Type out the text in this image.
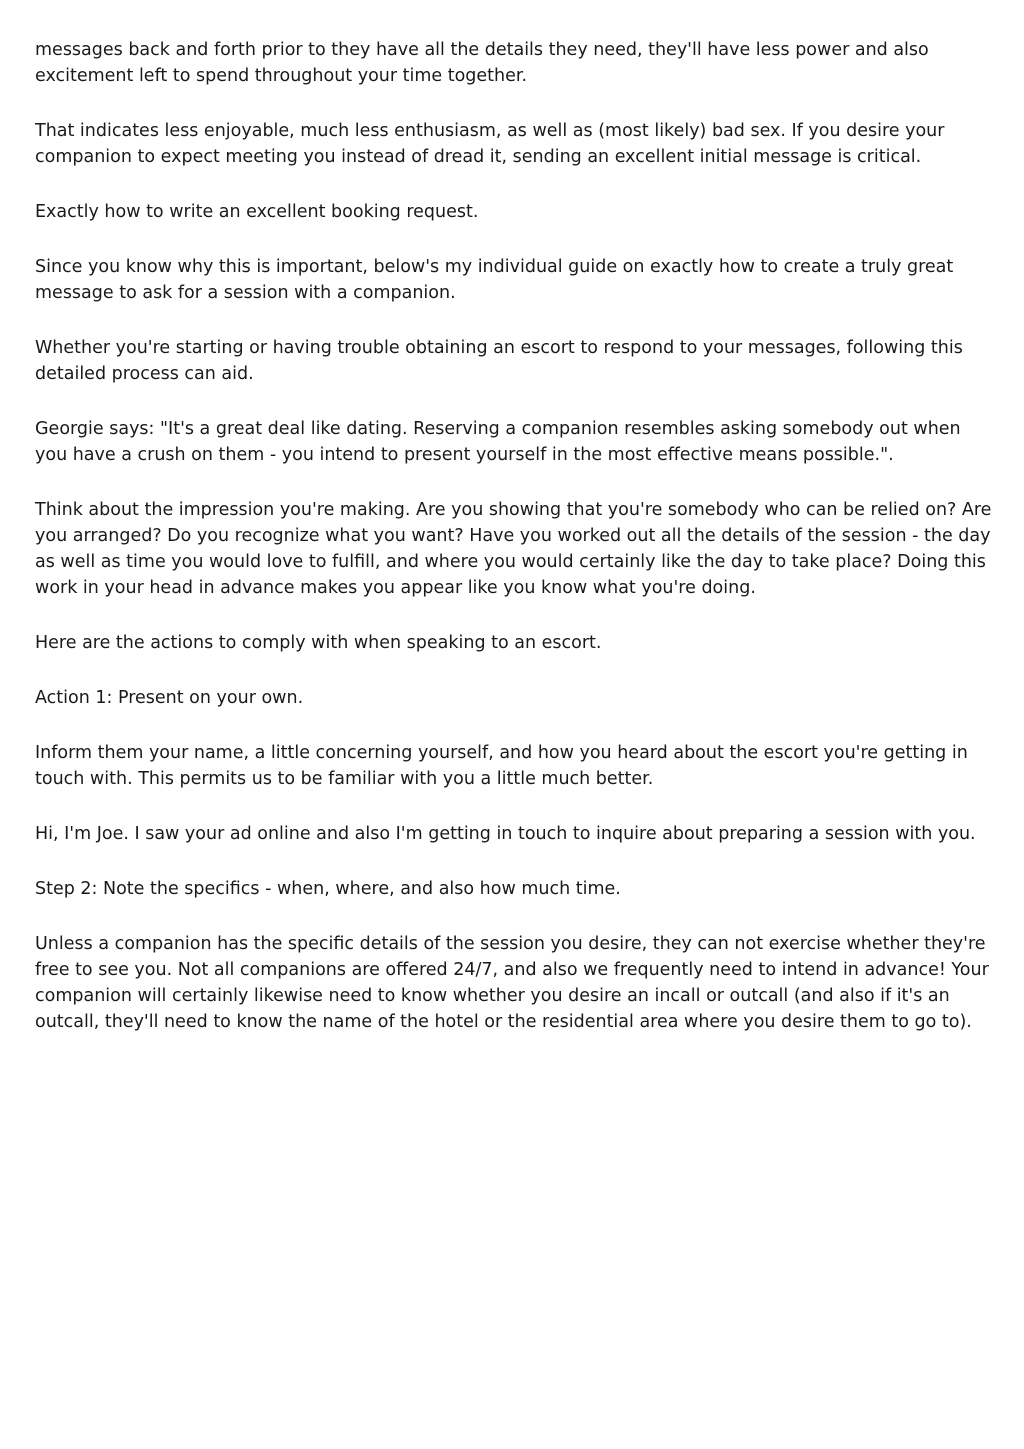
messages back and forth prior to they have all the details they need, they'll have less power and also excitement left to spend throughout your time together.

That indicates less enjoyable, much less enthusiasm, as well as (most likely) bad sex. If you desire your companion to expect meeting you instead of dread it, sending an excellent initial message is critical.

Exactly how to write an excellent booking request.

Since you know why this is important, below's my individual guide on exactly how to create a truly great message to ask for a session with a companion.

Whether you're starting or having trouble obtaining an escort to respond to your messages, following this detailed process can aid.

Georgie says: "It's a great deal like dating. Reserving a companion resembles asking somebody out when you have a crush on them - you intend to present yourself in the most effective means possible.".

Think about the impression you're making. Are you showing that you're somebody who can be relied on? Are you arranged? Do you recognize what you want? Have you worked out all the details of the session - the day as well as time you would love to fulfill, and where you would certainly like the day to take place? Doing this work in your head in advance makes you appear like you know what you're doing.

Here are the actions to comply with when speaking to an escort.

Action 1: Present on your own.

Inform them your name, a little concerning yourself, and how you heard about the escort you're getting in touch with. This permits us to be familiar with you a little much better.

Hi, I'm Joe. I saw your ad online and also I'm getting in touch to inquire about preparing a session with you.

Step 2: Note the specifics - when, where, and also how much time.

Unless a companion has the specific details of the session you desire, they can not exercise whether they're free to see you. Not all companions are offered 24/7, and also we frequently need to intend in advance! Your companion will certainly likewise need to know whether you desire an incall or outcall (and also if it's an outcall, they'll need to know the name of the hotel or the residential area where you desire them to go to).
